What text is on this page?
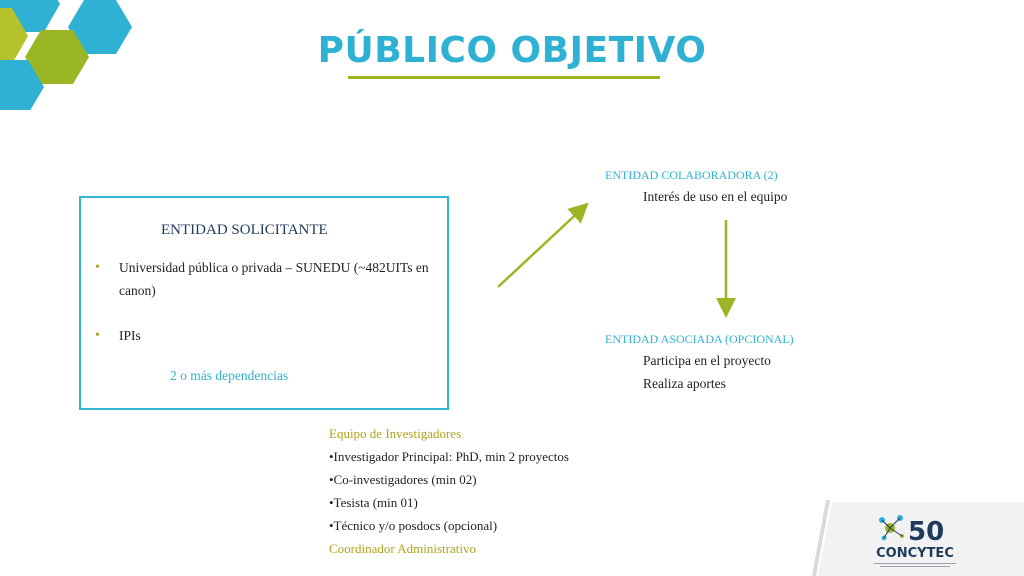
PÚBLICO OBJETIVO
ENTIDAD SOLICITANTE
•	Universidad pública o privada – SUNEDU (~482UITs en canon)
•	IPIs
2 o más dependencias
ENTIDAD COLABORADORA (2)
Interés de uso en el equipo
ENTIDAD ASOCIADA (OPCIONAL)
Participa en el proyecto
Realiza aportes
Equipo de Investigadores
•Investigador Principal: PhD, min 2 proyectos
•Co-investigadores (min 02)
•Tesista (min 01)
•Técnico y/o posdocs (opcional)
Coordinador Administrativo
50
CONCYTEC
